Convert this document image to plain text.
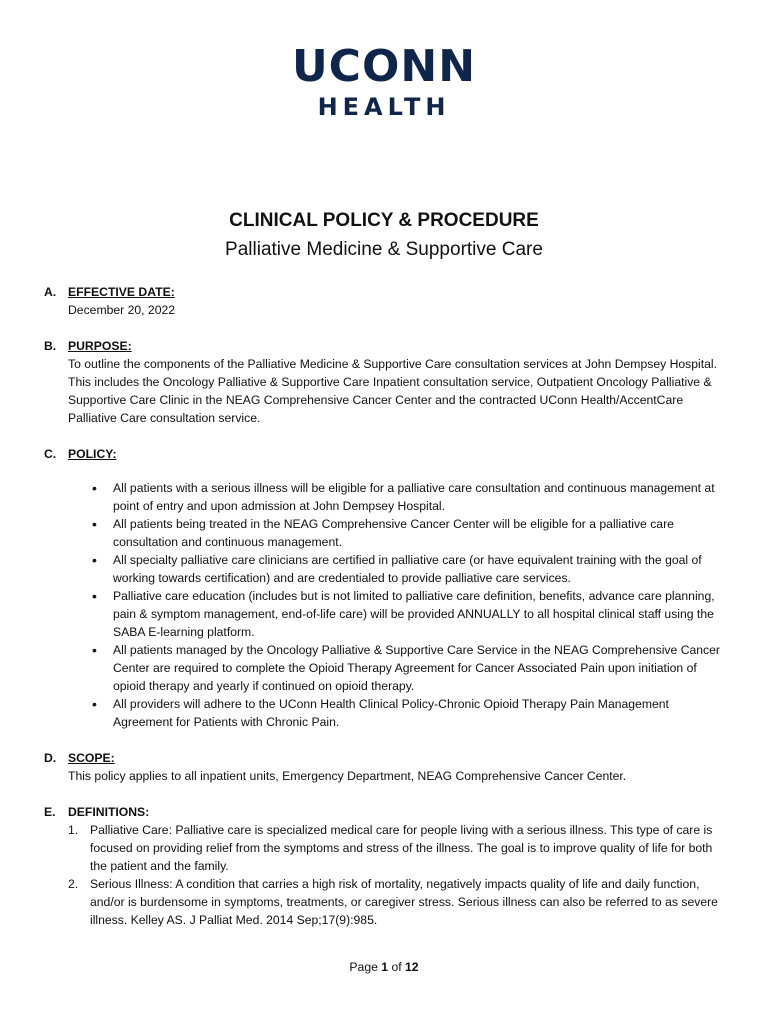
UCONN
HEALTH
CLINICAL POLICY & PROCEDURE
Palliative Medicine & Supportive Care
A. EFFECTIVE DATE:
December 20, 2022
B. PURPOSE:
To outline the components of the Palliative Medicine & Supportive Care consultation services at John Dempsey Hospital. This includes the Oncology Palliative & Supportive Care Inpatient consultation service, Outpatient Oncology Palliative & Supportive Care Clinic in the NEAG Comprehensive Cancer Center and the contracted UConn Health/AccentCare Palliative Care consultation service.
C. POLICY:
• All patients with a serious illness will be eligible for a palliative care consultation and continuous management at point of entry and upon admission at John Dempsey Hospital.
• All patients being treated in the NEAG Comprehensive Cancer Center will be eligible for a palliative care consultation and continuous management.
• All specialty palliative care clinicians are certified in palliative care (or have equivalent training with the goal of working towards certification) and are credentialed to provide palliative care services.
• Palliative care education (includes but is not limited to palliative care definition, benefits, advance care planning, pain & symptom management, end-of-life care) will be provided ANNUALLY to all hospital clinical staff using the SABA E-learning platform.
• All patients managed by the Oncology Palliative & Supportive Care Service in the NEAG Comprehensive Cancer Center are required to complete the Opioid Therapy Agreement for Cancer Associated Pain upon initiation of opioid therapy and yearly if continued on opioid therapy.
• All providers will adhere to the UConn Health Clinical Policy-Chronic Opioid Therapy Pain Management Agreement for Patients with Chronic Pain.
D. SCOPE:
This policy applies to all inpatient units, Emergency Department, NEAG Comprehensive Cancer Center.
E. DEFINITIONS:
1. Palliative Care: Palliative care is specialized medical care for people living with a serious illness. This type of care is focused on providing relief from the symptoms and stress of the illness. The goal is to improve quality of life for both the patient and the family.
2. Serious Illness: A condition that carries a high risk of mortality, negatively impacts quality of life and daily function, and/or is burdensome in symptoms, treatments, or caregiver stress. Serious illness can also be referred to as severe illness. Kelley AS. J Palliat Med. 2014 Sep;17(9):985.
Page 1 of 12
